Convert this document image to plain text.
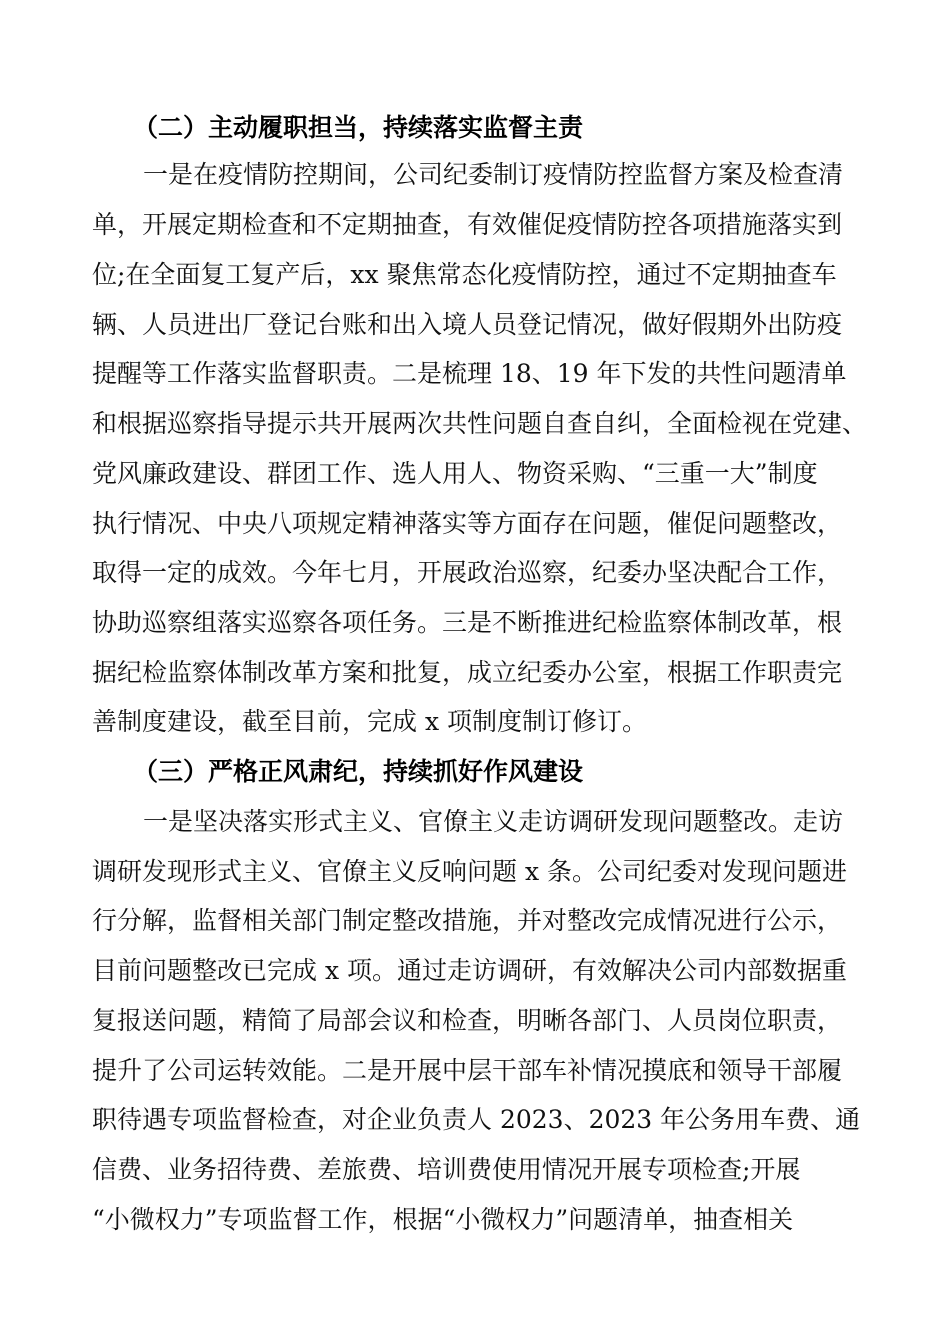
（二）主动履职担当，持续落实监督主责
一是在疫情防控期间，公司纪委制订疫情防控监督方案及检查清
单，开展定期检查和不定期抽查，有效催促疫情防控各项措施落实到
位;在全面复工复产后，xx 聚焦常态化疫情防控，通过不定期抽查车
辆、人员进出厂登记台账和出入境人员登记情况，做好假期外出防疫
提醒等工作落实监督职责。二是梳理 18、19 年下发的共性问题清单
和根据巡察指导提示共开展两次共性问题自查自纠，全面检视在党建、
党风廉政建设、群团工作、选人用人、物资采购、“三重一大”制度
执行情况、中央八项规定精神落实等方面存在问题，催促问题整改，
取得一定的成效。今年七月，开展政治巡察，纪委办坚决配合工作，
协助巡察组落实巡察各项任务。三是不断推进纪检监察体制改革，根
据纪检监察体制改革方案和批复，成立纪委办公室，根据工作职责完
善制度建设，截至目前，完成 x 项制度制订修订。
（三）严格正风肃纪，持续抓好作风建设
一是坚决落实形式主义、官僚主义走访调研发现问题整改。走访
调研发现形式主义、官僚主义反响问题 x 条。公司纪委对发现问题进
行分解，监督相关部门制定整改措施，并对整改完成情况进行公示，
目前问题整改已完成 x 项。通过走访调研，有效解决公司内部数据重
复报送问题，精简了局部会议和检查，明晰各部门、人员岗位职责，
提升了公司运转效能。二是开展中层干部车补情况摸底和领导干部履
职待遇专项监督检查，对企业负责人 2023、2023 年公务用车费、通
信费、业务招待费、差旅费、培训费使用情况开展专项检查;开展
“小微权力”专项监督工作，根据“小微权力”问题清单，抽查相关
